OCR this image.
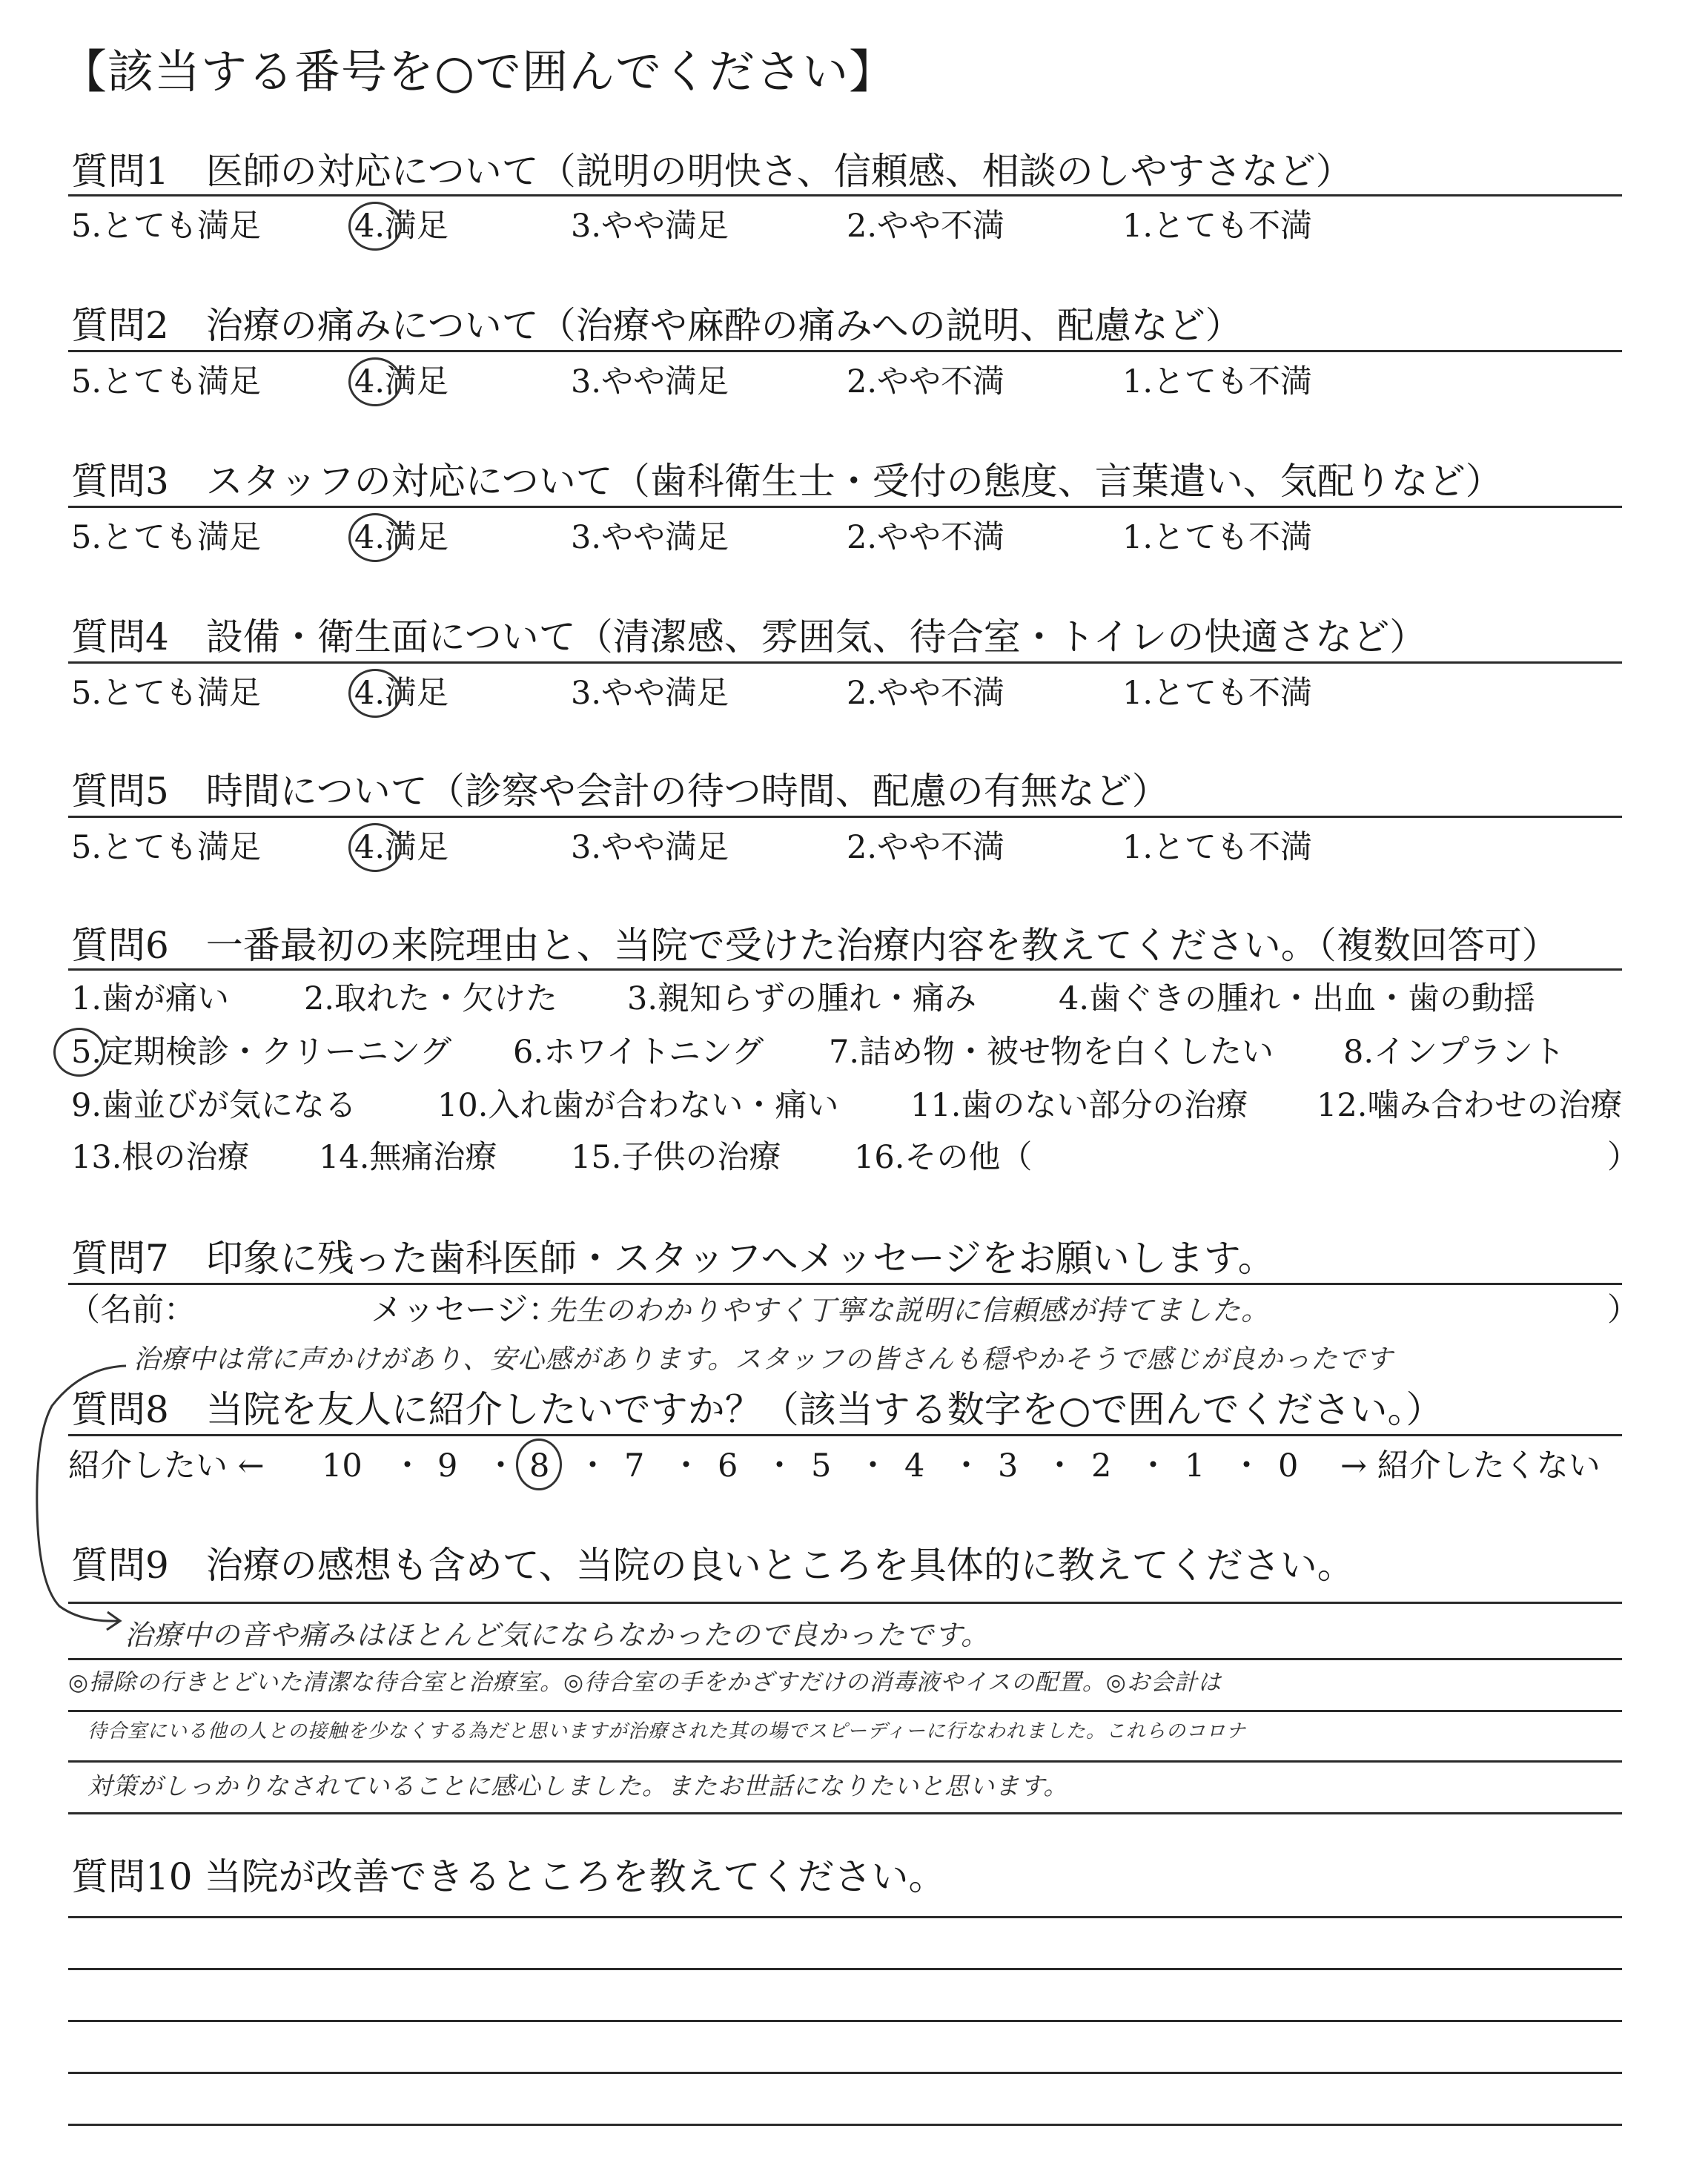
【該当する番号を○で囲んでください】
質問1　医師の対応について（説明の明快さ、信頼感、相談のしやすさなど）
5.とても満足	4.満足	3.やや満足	2.やや不満	1.とても不満
質問2　治療の痛みについて（治療や麻酔の痛みへの説明、配慮など）
5.とても満足	4.満足	3.やや満足	2.やや不満	1.とても不満
質問3　スタッフの対応について（歯科衛生士・受付の態度、言葉遣い、気配りなど）
5.とても満足	4.満足	3.やや満足	2.やや不満	1.とても不満
質問4　設備・衛生面について（清潔感、雰囲気、待合室・トイレの快適さなど）
5.とても満足	4.満足	3.やや満足	2.やや不満	1.とても不満
質問5　時間について（診察や会計の待つ時間、配慮の有無など）
5.とても満足	4.満足	3.やや満足	2.やや不満	1.とても不満
質問6　一番最初の来院理由と、当院で受けた治療内容を教えてください。（複数回答可）
1.歯が痛い 2.取れた・欠けた 3.親知らずの腫れ・痛み	4.歯ぐきの腫れ・出血・歯の動揺
5.定期検診・クリーニング 6.ホワイトニング 7.詰め物・被せ物を白くしたい 8.インプラント
9.歯並びが気になる	10.入れ歯が合わない・痛い 11.歯のない部分の治療 12.噛み合わせの治療
13.根の治療 14.無痛治療 15.子供の治療 16.その他（	）
質問7　印象に残った歯科医師・スタッフへメッセージをお願いします。
（名前：	メッセージ：
先生のわかりやすく丁寧な説明に信頼感が持てました。	）
治療中は常に声かけがあり、安心感があります。スタッフの皆さんも穏やかそうで感じが良かったです
質問8　当院を友人に紹介したいですか？（該当する数字を○で囲んでください。）
紹介したい ← 10 ・ 9 ・ 8 ・ 7 ・ 6 ・ 5 ・ 4 ・ 3 ・ 2 ・ 1 ・ 0 → 紹介したくない
質問9　治療の感想も含めて、当院の良いところを具体的に教えてください。
治療中の音や痛みはほとんど気にならなかったので良かったです。
◎掃除の行きとどいた清潔な待合室と治療室。◎待合室の手をかざすだけの消毒液やイスの配置。◎お会計は
待合室にいる他の人との接触を少なくする為だと思いますが治療された其の場でスピーディーに行なわれました。これらのコロナ
対策がしっかりなされていることに感心しました。またお世話になりたいと思います。
質問10 当院が改善できるところを教えてください。
